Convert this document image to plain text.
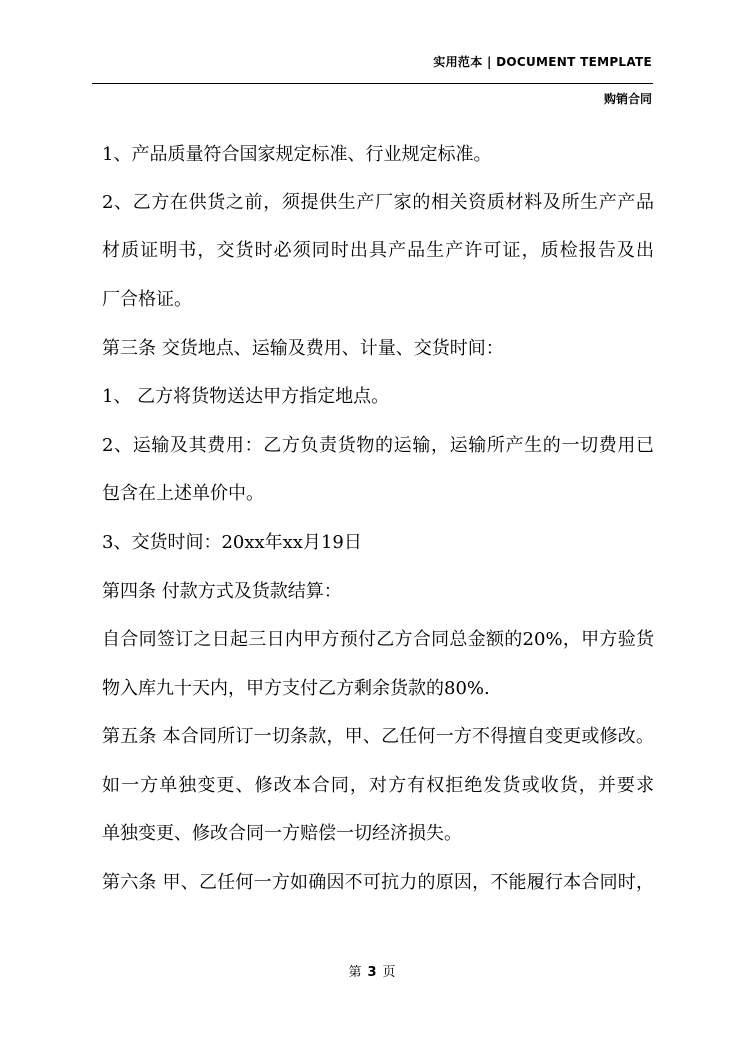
实用范本 | DOCUMENT TEMPLATE
购销合同
1、产品质量符合国家规定标准、行业规定标准。
2、乙方在供货之前，须提供生产厂家的相关资质材料及所生产产品
材质证明书，交货时必须同时出具产品生产许可证，质检报告及出
厂合格证。
第三条 交货地点、运输及费用、计量、交货时间：
1、 乙方将货物送达甲方指定地点。
2、运输及其费用：乙方负责货物的运输，运输所产生的一切费用已
包含在上述单价中。
3、交货时间：20xx年xx月19日
第四条 付款方式及货款结算：
自合同签订之日起三日内甲方预付乙方合同总金额的20%，甲方验货
物入库九十天内，甲方支付乙方剩余货款的80%.
第五条 本合同所订一切条款，甲、乙任何一方不得擅自变更或修改。
如一方单独变更、修改本合同，对方有权拒绝发货或收货，并要求
单独变更、修改合同一方赔偿一切经济损失。
第六条 甲、乙任何一方如确因不可抗力的原因，不能履行本合同时，
第 3 页
